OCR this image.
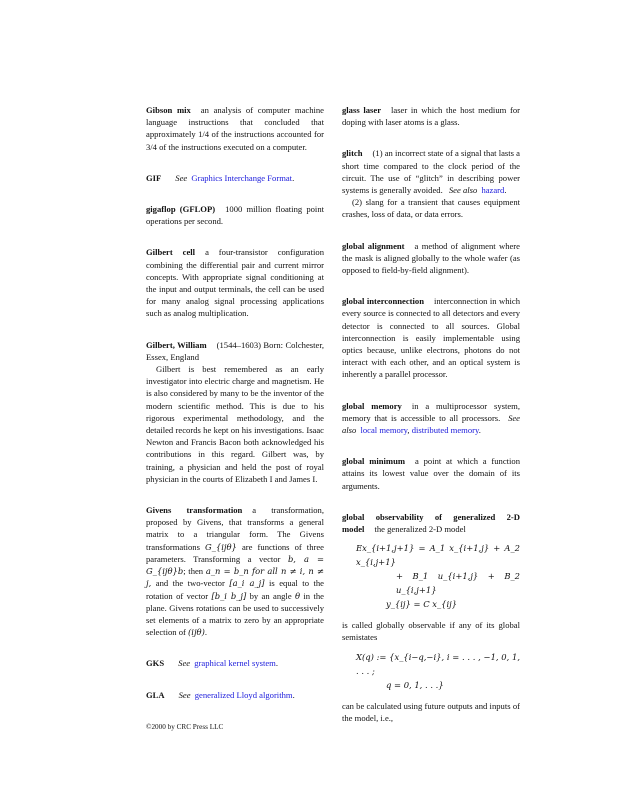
Gibson mix an analysis of computer machine language instructions that concluded that approximately 1/4 of the instructions accounted for 3/4 of the instructions executed on a computer.

GIF See Graphics Interchange Format.

gigaflop (GFLOP) 1000 million floating point operations per second.

Gilbert cell a four-transistor configuration combining the differential pair and current mirror concepts. With appropriate signal conditioning at the input and output terminals, the cell can be used for many analog signal processing applications such as analog multiplication.

Gilbert, William (1544–1603) Born: Colchester, Essex, England

Gilbert is best remembered as an early investigator into electric charge and magnetism. He is also considered by many to be the inventor of the modern scientific method. This is due to his rigorous experimental methodology, and the detailed records he kept on his investigations. Isaac Newton and Francis Bacon both acknowledged his contributions in this regard. Gilbert was, by training, a physician and held the post of royal physician in the courts of Elizabeth I and James I.

Givens transformation a transformation, proposed by Givens, that transforms a general matrix to a triangular form. The Givens transformations G_{ijθ} are functions of three parameters. Transforming a vector b, a = G_{ijθ}b; then a_n = b_n for all n ≠ i, n ≠ j, and the two-vector [a_i a_j] is equal to the rotation of vector [b_i b_j] by an angle θ in the plane. Givens rotations can be used to successively set elements of a matrix to zero by an appropriate selection of (ijθ).

GKS See graphical kernel system.

GLA See generalized Lloyd algorithm.

glass laser laser in which the host medium for doping with laser atoms is a glass.

glitch (1) an incorrect state of a signal that lasts a short time compared to the clock period of the circuit. The use of “glitch” in describing power systems is generally avoided. See also hazard.

(2) slang for a transient that causes equipment crashes, loss of data, or data errors.

global alignment a method of alignment where the mask is aligned globally to the whole wafer (as opposed to field-by-field alignment).

global interconnection interconnection in which every source is connected to all detectors and every detector is connected to all sources. Global interconnection is easily implementable using optics because, unlike electrons, photons do not interact with each other, and an optical system is inherently a parallel processor.

global memory in a multiprocessor system, memory that is accessible to all processors. See also local memory, distributed memory.

global minimum a point at which a function attains its lowest value over the domain of its arguments.

global observability of generalized 2-D model the generalized 2-D model

Ex_{i+1,j+1} = A_1 x_{i+1,j} + A_2 x_{i,j+1}
+ B_1 u_{i+1,j} + B_2 u_{i,j+1}
y_{ij} = C x_{ij}

is called globally observable if any of its global semistates

X(q) := {x_{i−q,−i}, i = . . . , −1, 0, 1, . . . ;
q = 0, 1, . . .}

can be calculated using future outputs and inputs of the model, i.e.,

©2000 by CRC Press LLC
